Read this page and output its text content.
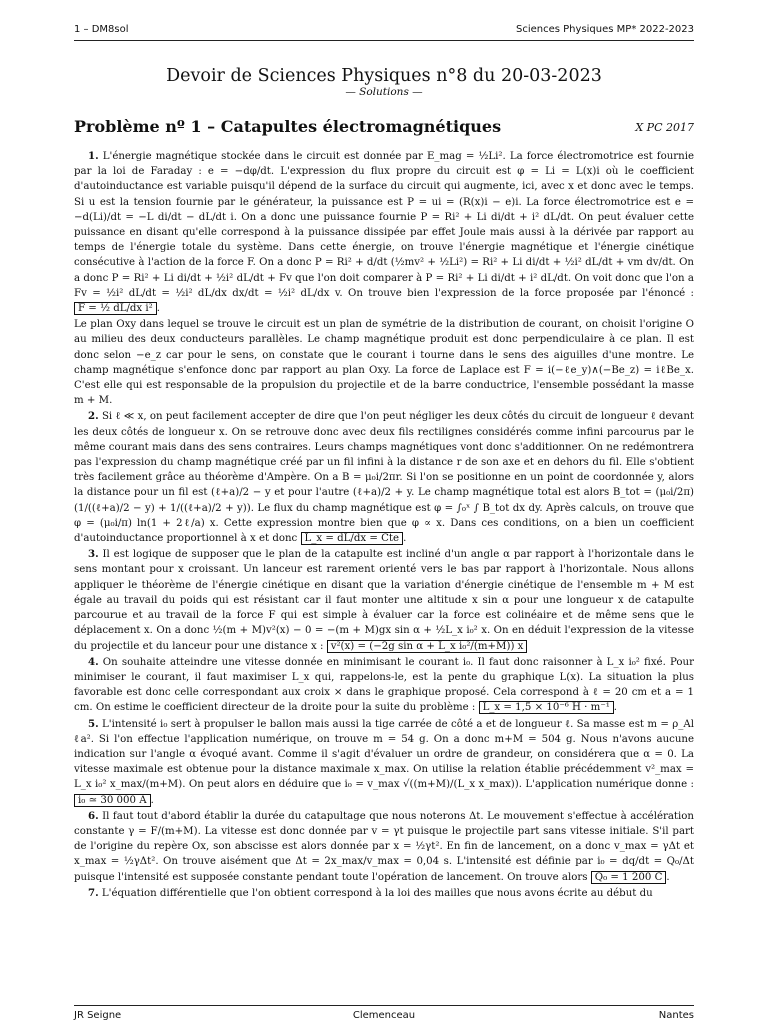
1 – DM8sol	Sciences Physiques MP* 2022-2023
Devoir de Sciences Physiques n°8 du 20-03-2023
— Solutions —
Problème nº 1 – Catapultes électromagnétiques	X PC 2017

1. L'énergie magnétique stockée dans le circuit est donnée par E_mag = ½Li². La force électromotrice est fournie par la loi de Faraday : e = −dφ/dt. L'expression du flux propre du circuit est φ = Li = L(x)i où le coefficient d'autoinductance est variable puisqu'il dépend de la surface du circuit qui augmente, ici, avec x et donc avec le temps. Si u est la tension fournie par le générateur, la puissance est P = ui = (R(x)i − e)i. La force électromotrice est e = −d(Li)/dt = −L di/dt − dL/dt i. On a donc une puissance fournie P = Ri² + Li di/dt + i² dL/dt. On peut évaluer cette puissance en disant qu'elle correspond à la puissance dissipée par effet Joule mais aussi à la dérivée par rapport au temps de l'énergie totale du système. Dans cette énergie, on trouve l'énergie magnétique et l'énergie cinétique consécutive à l'action de la force F. On a donc P = Ri² + d/dt (½mv² + ½Li²) = Ri² + Li di/dt + ½i² dL/dt + vm dv/dt. On a donc P = Ri² + Li di/dt + ½i² dL/dt + Fv que l'on doit comparer à P = Ri² + Li di/dt + i² dL/dt. On voit donc que l'on a Fv = ½i² dL/dt = ½i² dL/dx dx/dt = ½i² dL/dx v. On trouve bien l'expression de la force proposée par l'énoncé : F = ½ dL/dx i² .

Le plan Oxy dans lequel se trouve le circuit est un plan de symétrie de la distribution de courant, on choisit l'origine O au milieu des deux conducteurs parallèles. Le champ magnétique produit est donc perpendiculaire à ce plan. Il est donc selon −e_z car pour le sens, on constate que le courant i tourne dans le sens des aiguilles d'une montre. Le champ magnétique s'enfonce donc par rapport au plan Oxy. La force de Laplace est F = i(−ℓe_y)∧(−Be_z) = iℓBe_x. C'est elle qui est responsable de la propulsion du projectile et de la barre conductrice, l'ensemble possédant la masse m + M.

2. Si ℓ ≪ x, on peut facilement accepter de dire que l'on peut négliger les deux côtés du circuit de longueur ℓ devant les deux côtés de longueur x. On se retrouve donc avec deux fils rectilignes considérés comme infini parcourus par le même courant mais dans des sens contraires. Leurs champs magnétiques vont donc s'additionner. On ne redémontrera pas l'expression du champ magnétique créé par un fil infini à la distance r de son axe et en dehors du fil. Elle s'obtient très facilement grâce au théorème d'Ampère. On a B = μ₀i/2πr. Si l'on se positionne en un point de coordonnée y, alors la distance pour un fil est (ℓ+a)/2 − y et pour l'autre (ℓ+a)/2 + y. Le champ magnétique total est alors B_tot = (μ₀i/2π)(1/((ℓ+a)/2 − y) + 1/((ℓ+a)/2 + y)). Le flux du champ magnétique est φ = ∫₀ˣ ∫ B_tot dx dy. Après calculs, on trouve que φ = (μ₀i/π) ln(1 + 2ℓ/a) x. Cette expression montre bien que φ ∝ x. Dans ces conditions, on a bien un coefficient d'autoinductance proportionnel à x et donc L_x = dL/dx = Cte .

3. Il est logique de supposer que le plan de la catapulte est incliné d'un angle α par rapport à l'horizontale dans le sens montant pour x croissant. Un lanceur est rarement orienté vers le bas par rapport à l'horizontale. Nous allons appliquer le théorème de l'énergie cinétique en disant que la variation d'énergie cinétique de l'ensemble m + M est égale au travail du poids qui est résistant car il faut monter une altitude x sin α pour une longueur x de catapulte parcourue et au travail de la force F qui est simple à évaluer car la force est colinéaire et de même sens que le déplacement x. On a donc ½(m + M)v²(x) − 0 = −(m + M)gx sin α + ½L_x i₀² x. On en déduit l'expression de la vitesse du projectile et du lanceur pour une distance x : v²(x) = (−2g sin α + L_x i₀²/(m+M)) x

4. On souhaite atteindre une vitesse donnée en minimisant le courant i₀. Il faut donc raisonner à L_x i₀² fixé. Pour minimiser le courant, il faut maximiser L_x qui, rappelons-le, est la pente du graphique L(x). La situation la plus favorable est donc celle correspondant aux croix × dans le graphique proposé. Cela correspond à ℓ = 20 cm et a = 1 cm. On estime le coefficient directeur de la droite pour la suite du problème : L_x = 1,5 × 10⁻⁶ H · m⁻¹ .

5. L'intensité i₀ sert à propulser le ballon mais aussi la tige carrée de côté a et de longueur ℓ. Sa masse est m = ρ_Al ℓa². Si l'on effectue l'application numérique, on trouve m = 54 g. On a donc m+M = 504 g. Nous n'avons aucune indication sur l'angle α évoqué avant. Comme il s'agit d'évaluer un ordre de grandeur, on considérera que α = 0. La vitesse maximale est obtenue pour la distance maximale x_max. On utilise la relation établie précédemment v²_max = L_x i₀² x_max/(m+M). On peut alors en déduire que i₀ = v_max √((m+M)/(L_x x_max)). L'application numérique donne : i₀ ≃ 30 000 A .

6. Il faut tout d'abord établir la durée du catapultage que nous noterons Δt. Le mouvement s'effectue à accélération constante γ = F/(m+M). La vitesse est donc donnée par v = γt puisque le projectile part sans vitesse initiale. S'il part de l'origine du repère Ox, son abscisse est alors donnée par x = ½γt². En fin de lancement, on a donc v_max = γΔt et x_max = ½γΔt². On trouve aisément que Δt = 2x_max/v_max = 0,04 s. L'intensité est définie par i₀ = dq/dt = Q₀/Δt puisque l'intensité est supposée constante pendant toute l'opération de lancement. On trouve alors Q₀ = 1 200 C .

7. L'équation différentielle que l'on obtient correspond à la loi des mailles que nous avons écrite au début du

JR Seigne	Clemenceau	Nantes
